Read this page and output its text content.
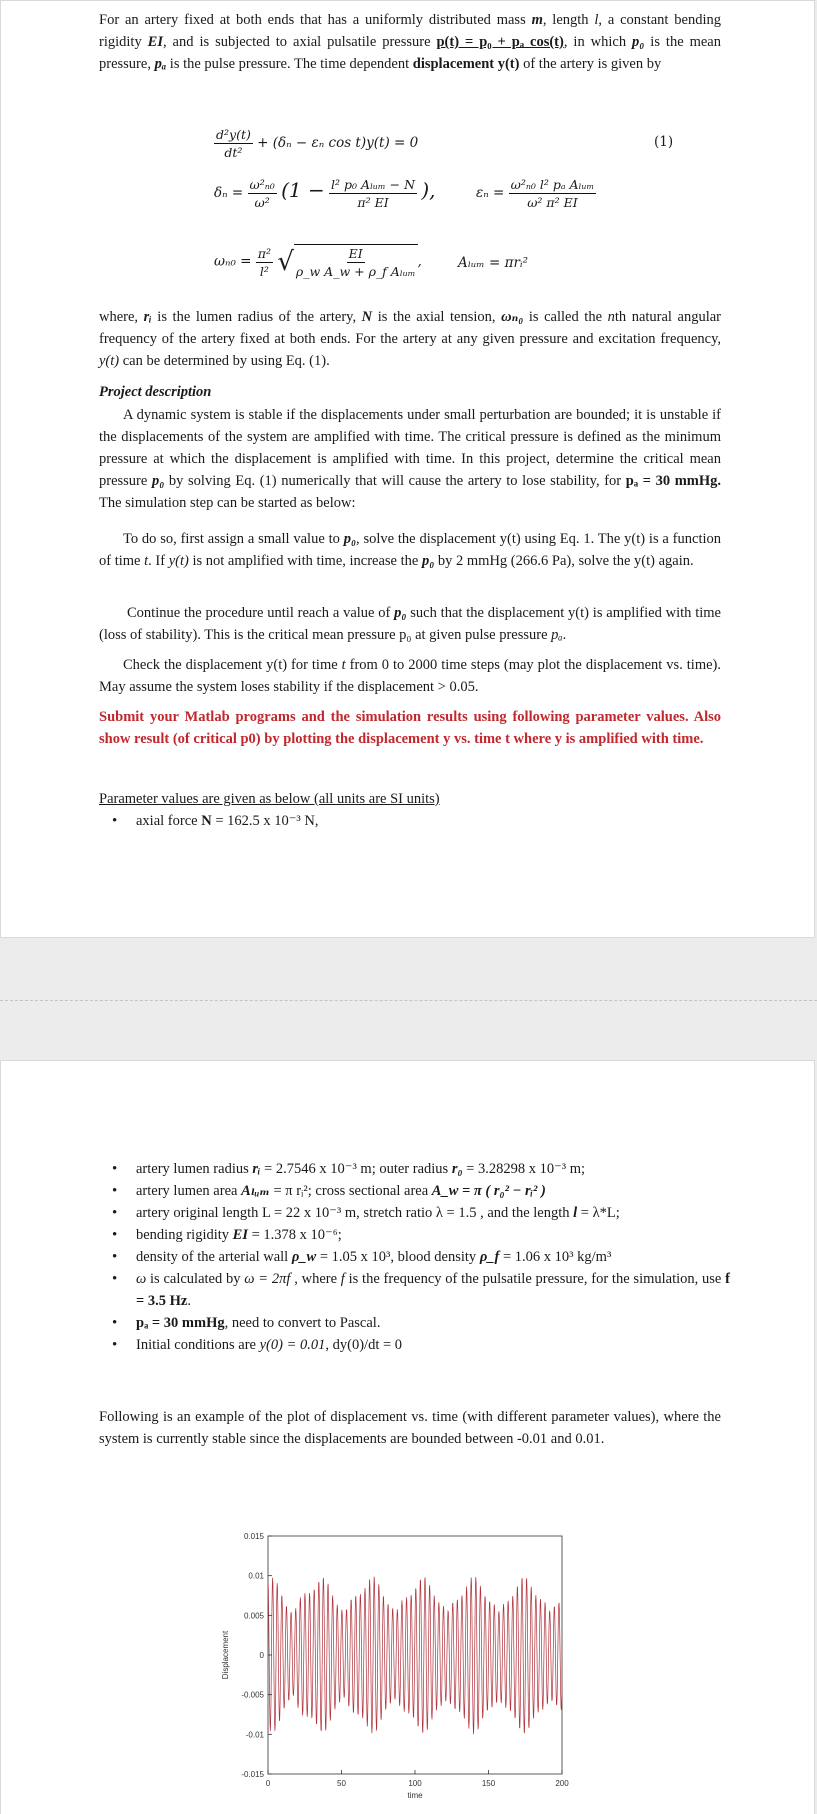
For an artery fixed at both ends that has a uniformly distributed mass m, length l, a constant bending rigidity EI, and is subjected to axial pulsatile pressure p(t) = p₀ + pₐ cos(t), in which p₀ is the mean pressure, pₐ is the pulse pressure. The time dependent displacement y(t) of the artery is given by

$\frac{\text{d²y(t)}}{\text{dt²}} + (\delta_n - \varepsilon_n$ cos t)y(t) = 0	(1)
$\delta_n = \frac{\text{ω²ₙ₀}}{\text{ω²}} (1 - \frac{\text{l² p₀ Aₗᵤₘ − N}}{\text{π² EI}}$ ),	$\varepsilon_n = \frac{\text{ω²ₙ₀ l² pₐ Aₗᵤₘ}}{\text{ω² π² EI}}$
$\omega_{n0} = \frac{\text{π²}}{\text{l²}}$ √ $\frac{EI}{\text{ρ\_w A\_w + ρ\_f Aₗᵤₘ}}$ ,	Aₗᵤₘ = πrᵢ²

where, rᵢ is the lumen radius of the artery, N is the axial tension, ωₙ₀ is called the nth natural angular frequency of the artery fixed at both ends. For the artery at any given pressure and excitation frequency, y(t) can be determined by using Eq. (1).

Project description

A dynamic system is stable if the displacements under small perturbation are bounded; it is unstable if the displacements of the system are amplified with time. The critical pressure is defined as the minimum pressure at which the displacement is amplified with time. In this project, determine the critical mean pressure p₀ by solving Eq. (1) numerically that will cause the artery to lose stability, for pₐ = 30 mmHg. The simulation step can be started as below:

To do so, first assign a small value to p₀, solve the displacement y(t) using Eq. 1. The y(t) is a function of time t. If y(t) is not amplified with time, increase the p₀ by 2 mmHg (266.6 Pa), solve the y(t) again.

Continue the procedure until reach a value of p₀ such that the displacement y(t) is amplified with time (loss of stability). This is the critical mean pressure p₀ at given pulse pressure pₐ.

Check the displacement y(t) for time t from 0 to 2000 time steps (may plot the displacement vs. time). May assume the system loses stability if the displacement > 0.05.

Submit your Matlab programs and the simulation results using following parameter values. Also show result (of critical p0) by plotting the displacement y vs. time t where y is amplified with time.

Parameter values are given as below (all units are SI units)

• axial force N = 162.5 x 10⁻³ N,
• artery lumen radius rᵢ = 2.7546 x 10⁻³ m; outer radius r₀ = 3.28298 x 10⁻³ m;
• artery lumen area Aₗᵤₘ = π rᵢ²; cross sectional area A_w = π ( r₀² − rᵢ² )
• artery original length L = 22 x 10⁻³ m, stretch ratio λ = 1.5 , and the length l = λ*L;
• bending rigidity EI = 1.378 x 10⁻⁶;
• density of the arterial wall ρ_w = 1.05 x 10³, blood density ρ_f = 1.06 x 10³ kg/m³
• ω is calculated by ω = 2πf , where f is the frequency of the pulsatile pressure, for the simulation, use f = 3.5 Hz.
• pₐ = 30 mmHg, need to convert to Pascal.
• Initial conditions are y(0) = 0.01, dy(0)/dt = 0

Following is an example of the plot of displacement vs. time (with different parameter values), where the system is currently stable since the displacements are bounded between -0.01 and 0.01.

0.015
0.01
0.005
0
-0.005
-0.01
-0.015
0	50	100	150	200
time
Displacement
